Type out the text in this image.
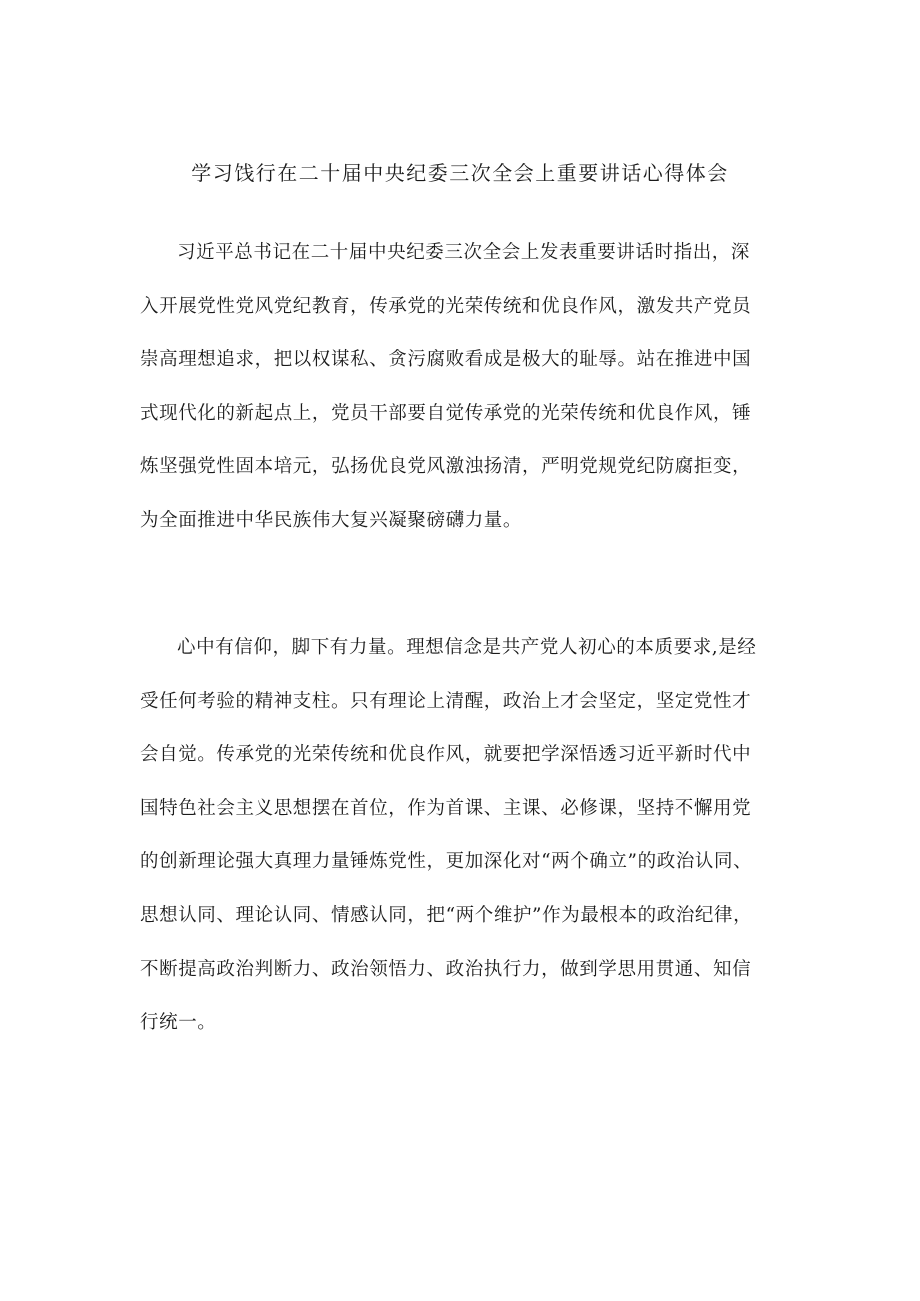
学习饯行在二十届中央纪委三次全会上重要讲话心得体会
习近平总书记在二十届中央纪委三次全会上发表重要讲话时指出，深
入开展党性党风党纪教育，传承党的光荣传统和优良作风，激发共产党员
崇高理想追求，把以权谋私、贪污腐败看成是极大的耻辱。站在推进中国
式现代化的新起点上，党员干部要自觉传承党的光荣传统和优良作风，锤
炼坚强党性固本培元，弘扬优良党风激浊扬清，严明党规党纪防腐拒变，
为全面推进中华民族伟大复兴凝聚磅礴力量。
心中有信仰，脚下有力量。理想信念是共产党人初心的本质要求,是经
受任何考验的精神支柱。只有理论上清醒，政治上才会坚定，坚定党性才
会自觉。传承党的光荣传统和优良作风，就要把学深悟透习近平新时代中
国特色社会主义思想摆在首位，作为首课、主课、必修课，坚持不懈用党
的创新理论强大真理力量锤炼党性，更加深化对“两个确立”的政治认同、
思想认同、理论认同、情感认同，把“两个维护”作为最根本的政治纪律，
不断提高政治判断力、政治领悟力、政治执行力，做到学思用贯通、知信
行统一。
